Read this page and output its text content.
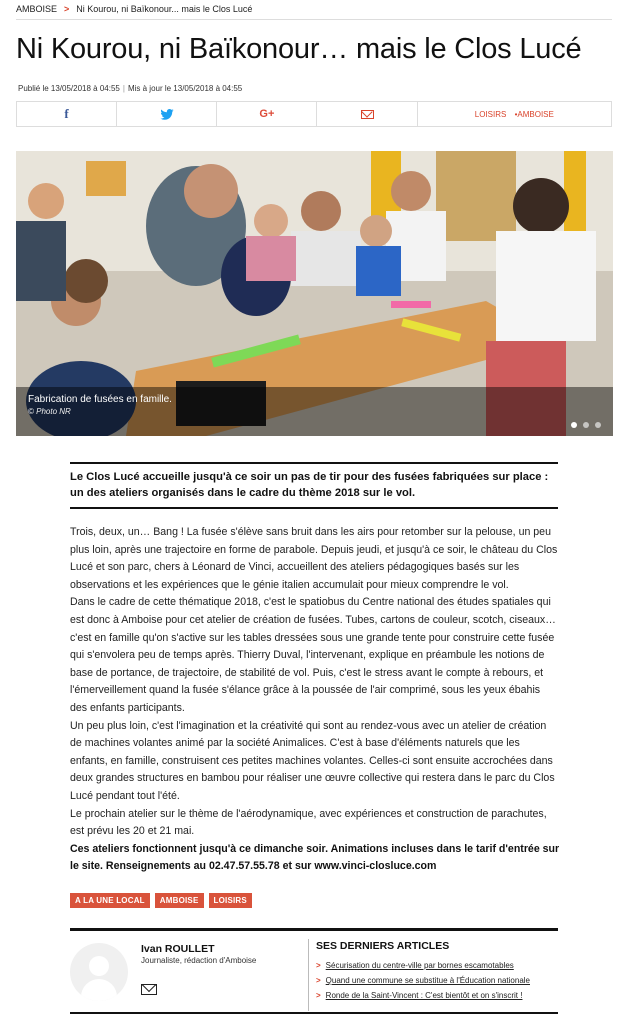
AMBOISE > Ni Kourou, ni Baïkonour... mais le Clos Lucé
Ni Kourou, ni Baïkonour… mais le Clos Lucé
Publié le 13/05/2018 à 04:55 | Mis à jour le 13/05/2018 à 04:55
f	G+	LOISIRS •AMBOISE
Fabrication de fusées en famille.
© Photo NR
Le Clos Lucé accueille jusqu'à ce soir un pas de tir pour des fusées fabriquées sur place : un des ateliers organisés dans le cadre du thème 2018 sur le vol.

Trois, deux, un… Bang ! La fusée s'élève sans bruit dans les airs pour retomber sur la pelouse, un peu plus loin, après une trajectoire en forme de parabole. Depuis jeudi, et jusqu'à ce soir, le château du Clos Lucé et son parc, chers à Léonard de Vinci, accueillent des ateliers pédagogiques basés sur les observations et les expériences que le génie italien accumulait pour mieux comprendre le vol.

Dans le cadre de cette thématique 2018, c'est le spatiobus du Centre national des études spatiales qui est donc à Amboise pour cet atelier de création de fusées. Tubes, cartons de couleur, scotch, ciseaux… c'est en famille qu'on s'active sur les tables dressées sous une grande tente pour construire cette fusée qui s'envolera peu de temps après. Thierry Duval, l'intervenant, explique en préambule les notions de base de portance, de trajectoire, de stabilité de vol. Puis, c'est le stress avant le compte à rebours, et l'émerveillement quand la fusée s'élance grâce à la poussée de l'air comprimé, sous les yeux ébahis des enfants participants.

Un peu plus loin, c'est l'imagination et la créativité qui sont au rendez-vous avec un atelier de création de machines volantes animé par la société Animalices. C'est à base d'éléments naturels que les enfants, en famille, construisent ces petites machines volantes. Celles-ci sont ensuite accrochées dans deux grandes structures en bambou pour réaliser une œuvre collective qui restera dans le parc du Clos Lucé pendant tout l'été.

Le prochain atelier sur le thème de l'aérodynamique, avec expériences et construction de parachutes, est prévu les 20 et 21 mai.

Ces ateliers fonctionnent jusqu'à ce dimanche soir. Animations incluses dans le tarif d'entrée sur le site. Renseignements au 02.47.57.55.78 et sur www.vinci-closluce.com

A LA UNE LOCAL	AMBOISE	LOISIRS
Ivan ROULLET
Journaliste, rédaction d'Amboise
SES DERNIERS ARTICLES
> Sécurisation du centre-ville par bornes escamotables
> Quand une commune se substitue à l'Éducation nationale
> Ronde de la Saint-Vincent : C'est bientôt et on s'inscrit !
